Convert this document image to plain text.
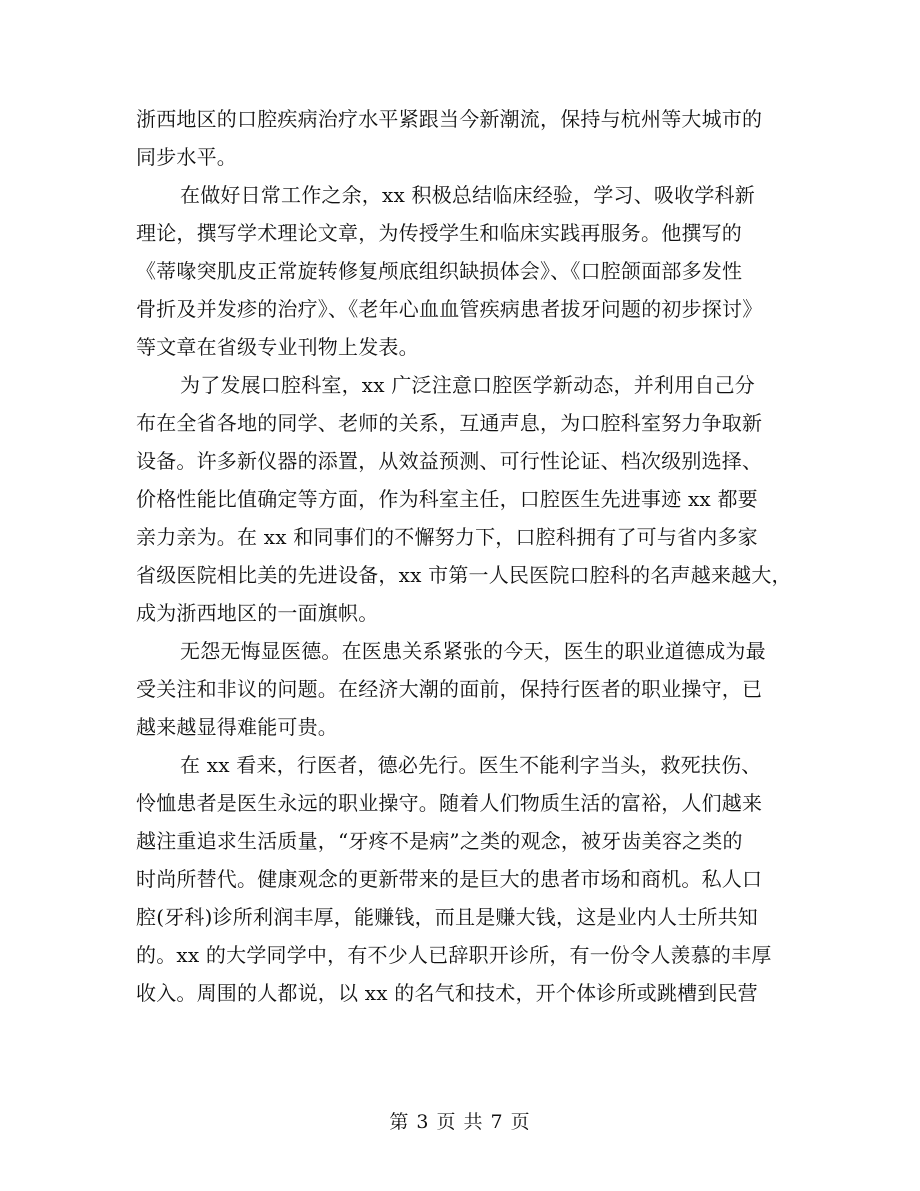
浙西地区的口腔疾病治疗水平紧跟当今新潮流，保持与杭州等大城市的
同步水平。
在做好日常工作之余，xx 积极总结临床经验，学习、吸收学科新
理论，撰写学术理论文章，为传授学生和临床实践再服务。他撰写的
《蒂喙突肌皮正常旋转修复颅底组织缺损体会》、《口腔颌面部多发性
骨折及并发疹的治疗》、《老年心血血管疾病患者拔牙问题的初步探讨》
等文章在省级专业刊物上发表。
为了发展口腔科室，xx 广泛注意口腔医学新动态，并利用自己分
布在全省各地的同学、老师的关系，互通声息，为口腔科室努力争取新
设备。许多新仪器的添置，从效益预测、可行性论证、档次级别选择、
价格性能比值确定等方面，作为科室主任，口腔医生先进事迹 xx 都要
亲力亲为。在 xx 和同事们的不懈努力下，口腔科拥有了可与省内多家
省级医院相比美的先进设备，xx 市第一人民医院口腔科的名声越来越大，
成为浙西地区的一面旗帜。
无怨无悔显医德。在医患关系紧张的今天，医生的职业道德成为最
受关注和非议的问题。在经济大潮的面前，保持行医者的职业操守，已
越来越显得难能可贵。
在 xx 看来，行医者，德必先行。医生不能利字当头，救死扶伤、
怜恤患者是医生永远的职业操守。随着人们物质生活的富裕，人们越来
越注重追求生活质量，“牙疼不是病”之类的观念，被牙齿美容之类的
时尚所替代。健康观念的更新带来的是巨大的患者市场和商机。私人口
腔(牙科)诊所利润丰厚，能赚钱，而且是赚大钱，这是业内人士所共知
的。xx 的大学同学中，有不少人已辞职开诊所，有一份令人羡慕的丰厚
收入。周围的人都说，以 xx 的名气和技术，开个体诊所或跳槽到民营
第 3 页 共 7 页
